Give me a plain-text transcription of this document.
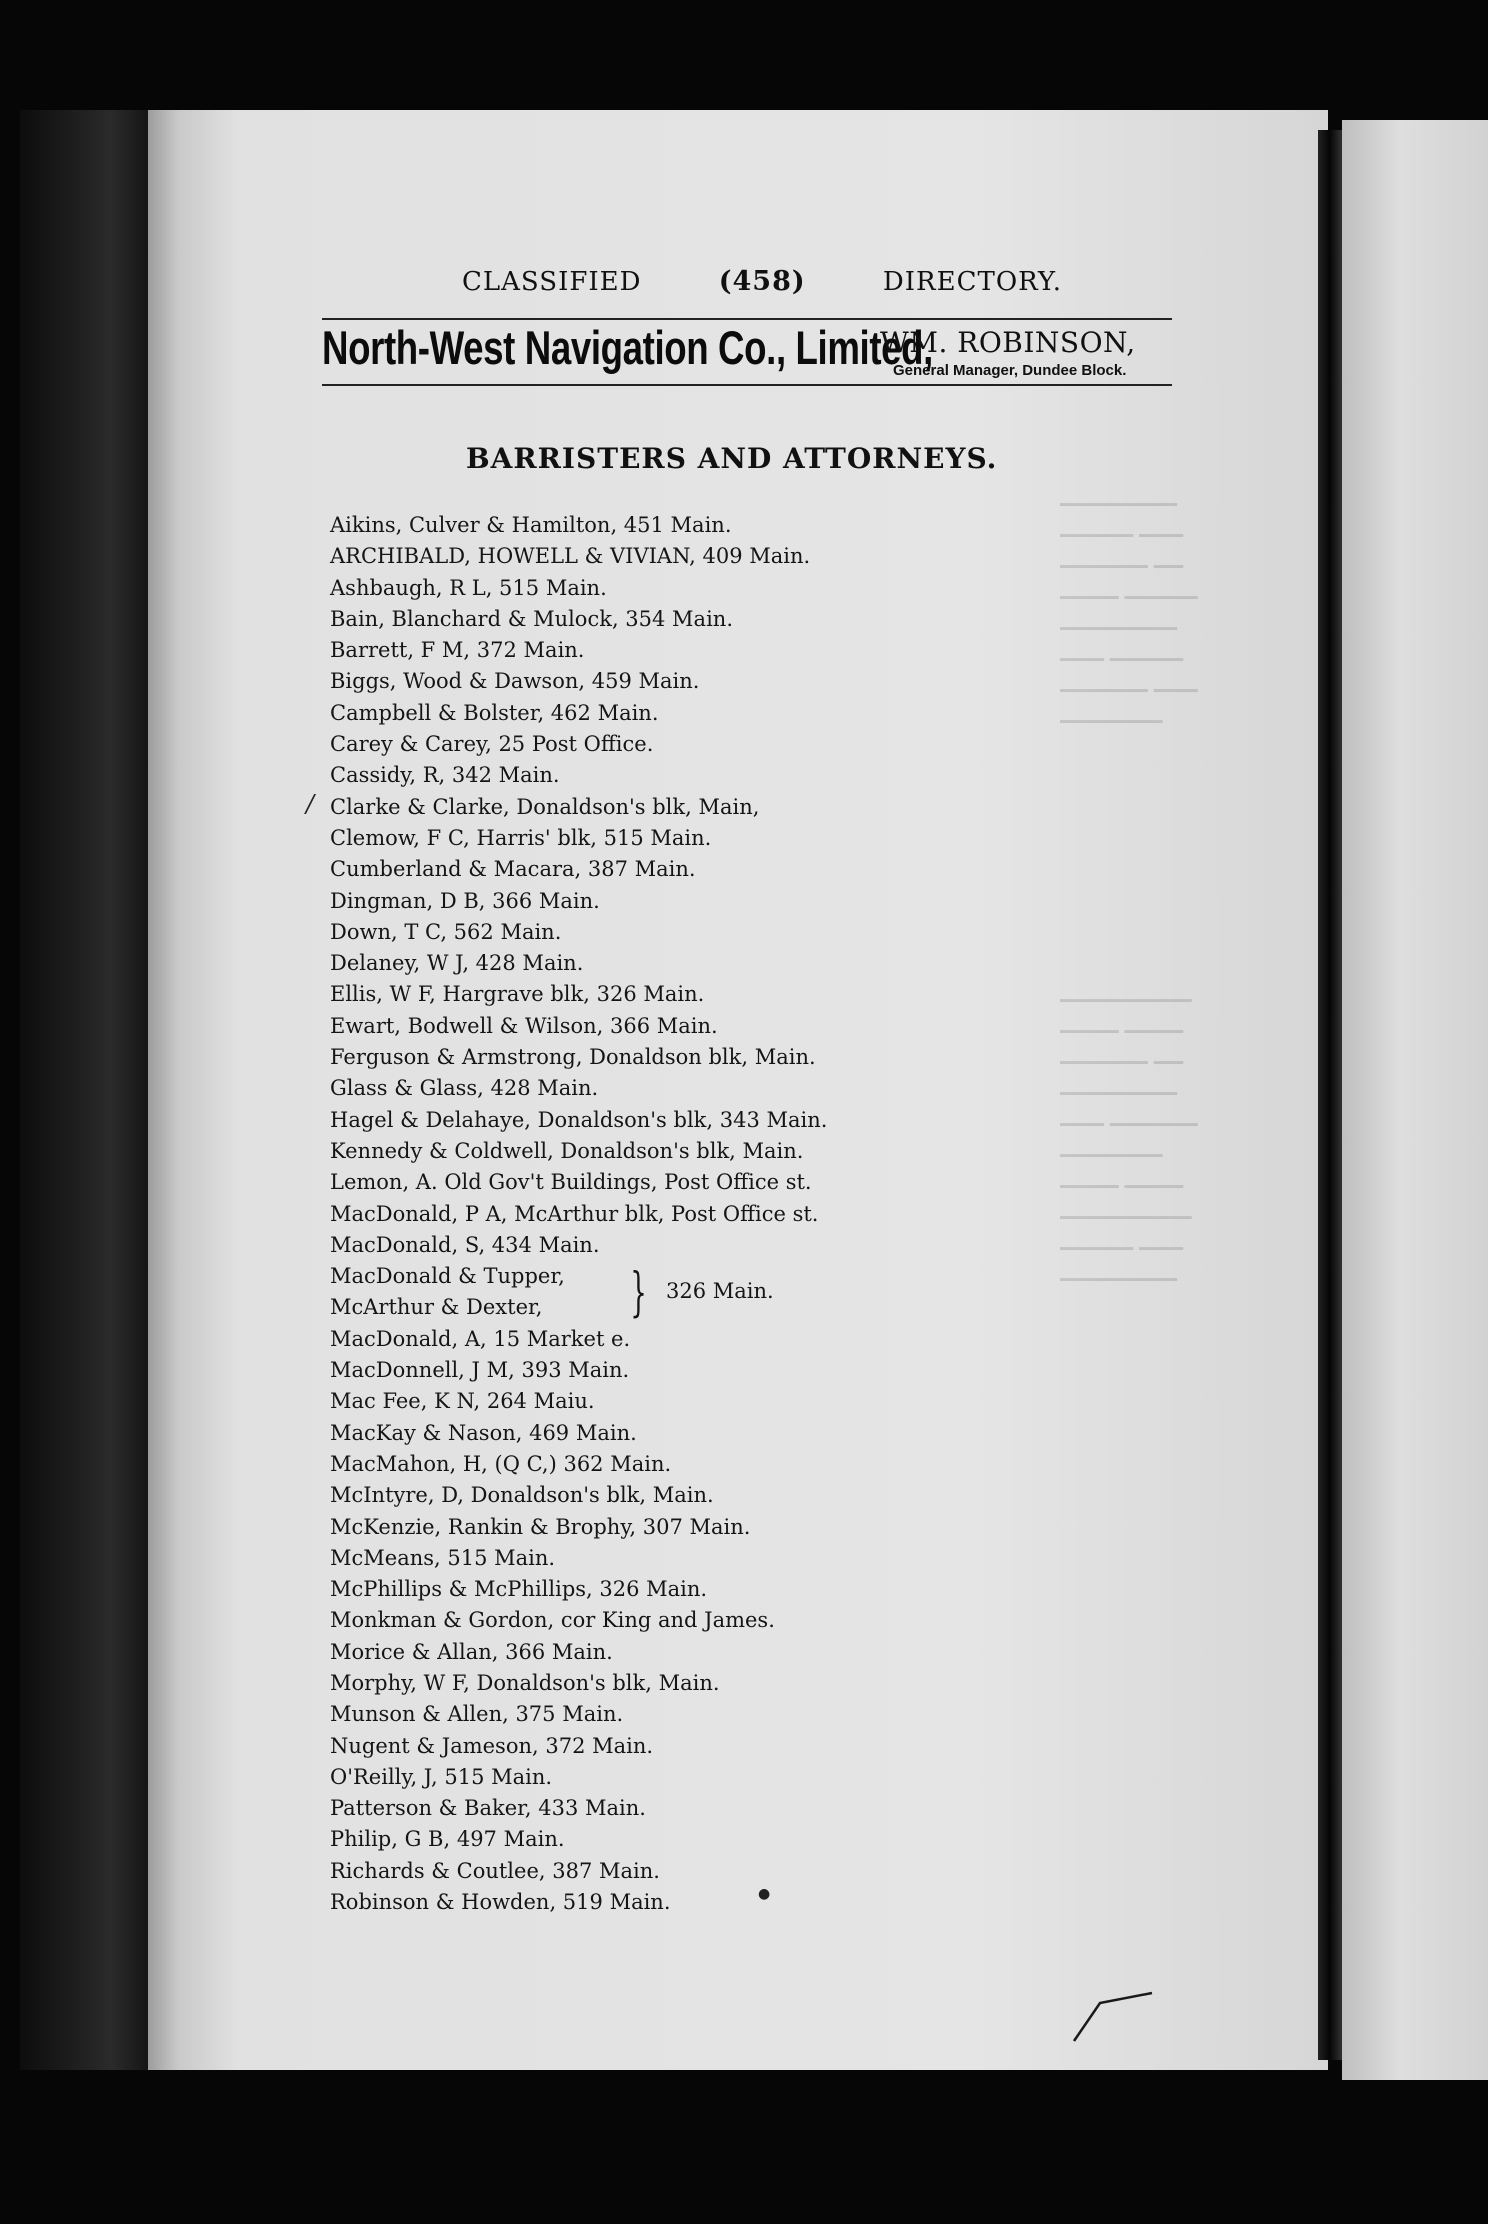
CLASSIFIED	(458)	DIRECTORY.
North-West Navigation Co., Limited,
WM. ROBINSON,
General Manager, Dundee Block.
BARRISTERS AND ATTORNEYS.
Aikins, Culver & Hamilton, 451 Main.
ARCHIBALD, HOWELL & VIVIAN, 409 Main.
Ashbaugh, R L, 515 Main.
Bain, Blanchard & Mulock, 354 Main.
Barrett, F M, 372 Main.
Biggs, Wood & Dawson, 459 Main.
Campbell & Bolster, 462 Main.
Carey & Carey, 25 Post Office.
Cassidy, R, 342 Main.
Clarke & Clarke, Donaldson's blk, Main,
Clemow, F C, Harris' blk, 515 Main.
Cumberland & Macara, 387 Main.
Dingman, D B, 366 Main.
Down, T C, 562 Main.
Delaney, W J, 428 Main.
Ellis, W F, Hargrave blk, 326 Main.
Ewart, Bodwell & Wilson, 366 Main.
Ferguson & Armstrong, Donaldson blk, Main.
Glass & Glass, 428 Main.
Hagel & Delahaye, Donaldson's blk, 343 Main.
Kennedy & Coldwell, Donaldson's blk, Main.
Lemon, A. Old Gov't Buildings, Post Office st.
MacDonald, P A, McArthur blk, Post Office st.
MacDonald, S, 434 Main.
MacDonald & Tupper,
McArthur & Dexter, } 326 Main.
MacDonald, A, 15 Market e.
MacDonnell, J M, 393 Main.
Mac Fee, K N, 264 Maiu.
MacKay & Nason, 469 Main.
MacMahon, H, (Q C,) 362 Main.
McIntyre, D, Donaldson's blk, Main.
McKenzie, Rankin & Brophy, 307 Main.
McMeans, 515 Main.
McPhillips & McPhillips, 326 Main.
Monkman & Gordon, cor King and James.
Morice & Allan, 366 Main.
Morphy, W F, Donaldson's blk, Main.
Munson & Allen, 375 Main.
Nugent & Jameson, 372 Main.
O'Reilly, J, 515 Main.
Patterson & Baker, 433 Main.
Philip, G B, 497 Main.
Richards & Coutlee, 387 Main.
Robinson & Howden, 519 Main.
/
●
